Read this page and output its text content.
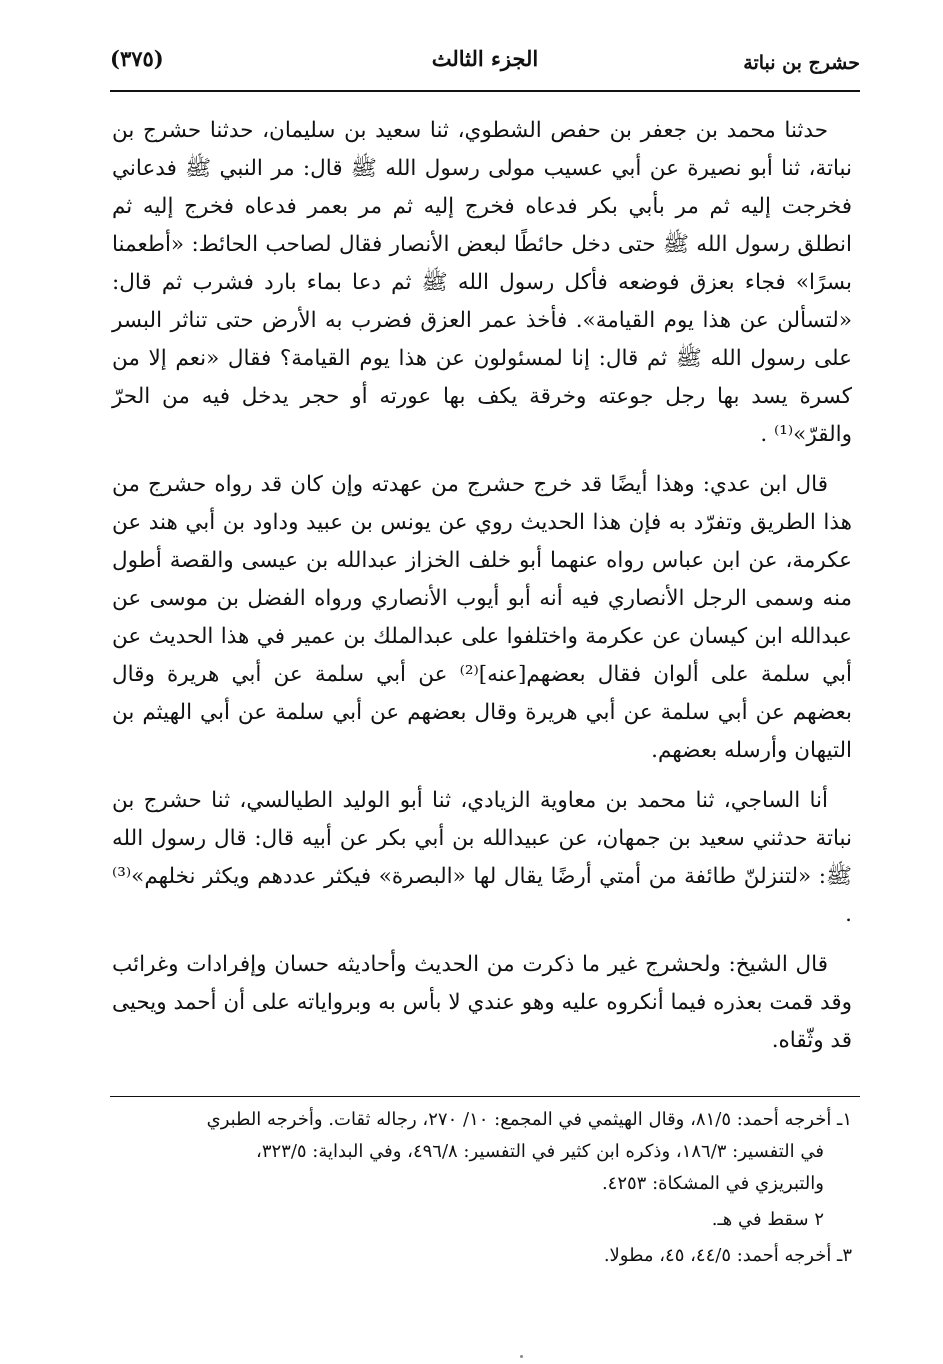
حشرج بن نباتة
الجزء الثالث
(٣٧٥)

حدثنا محمد بن جعفر بن حفص الشطوي، ثنا سعيد بن سليمان، حدثنا حشرج بن نباتة، ثنا أبو نصيرة عن أبي عسيب مولى رسول الله ﷺ قال: مر النبي ﷺ فدعاني فخرجت إليه ثم مر بأبي بكر فدعاه فخرج إليه ثم مر بعمر فدعاه فخرج إليه ثم انطلق رسول الله ﷺ حتى دخل حائطًا لبعض الأنصار فقال لصاحب الحائط: «أطعمنا بسرًا» فجاء بعزق فوضعه فأكل رسول الله ﷺ ثم دعا بماء بارد فشرب ثم قال: «لتسألن عن هذا يوم القيامة». فأخذ عمر العزق فضرب به الأرض حتى تناثر البسر على رسول الله ﷺ ثم قال: إنا لمسئولون عن هذا يوم القيامة؟ فقال «نعم إلا من كسرة يسد بها رجل جوعته وخرقة يكف بها عورته أو حجر يدخل فيه من الحرّ والقرّ»⁽¹⁾ .

قال ابن عدي: وهذا أيضًا قد خرج حشرج من عهدته وإن كان قد رواه حشرج من هذا الطريق وتفرّد به فإن هذا الحديث روي عن يونس بن عبيد وداود بن أبي هند عن عكرمة، عن ابن عباس رواه عنهما أبو خلف الخزاز عبدالله بن عيسى والقصة أطول منه وسمى الرجل الأنصاري فيه أنه أبو أيوب الأنصاري ورواه الفضل بن موسى عن عبدالله ابن كيسان عن عكرمة واختلفوا على عبدالملك بن عمير في هذا الحديث عن أبي سلمة على ألوان فقال بعضهم[عنه]⁽²⁾ عن أبي سلمة عن أبي هريرة وقال بعضهم عن أبي سلمة عن أبي هريرة وقال بعضهم عن أبي سلمة عن أبي الهيثم بن التيهان وأرسله بعضهم.

أنا الساجي، ثنا محمد بن معاوية الزيادي، ثنا أبو الوليد الطيالسي، ثنا حشرج بن نباتة حدثني سعيد بن جمهان، عن عبيدالله بن أبي بكر عن أبيه قال: قال رسول الله ﷺ: «لتنزلنّ طائفة من أمتي أرضًا يقال لها «البصرة» فيكثر عددهم ويكثر نخلهم»⁽³⁾ .

قال الشيخ: ولحشرج غير ما ذكرت من الحديث وأحاديثه حسان وإفرادات وغرائب وقد قمت بعذره فيما أنكروه عليه وهو عندي لا بأس به وبرواياته على أن أحمد ويحيى قد وثّقاه.

١ـ أخرجه أحمد: ٨١/٥، وقال الهيثمي في المجمع: ١٠/ ٢٧٠، رجاله ثقات. وأخرجه الطبري
في التفسير: ١٨٦/٣، وذكره ابن كثير في التفسير: ٤٩٦/٨، وفي البداية: ٣٢٣/٥،
والتبريزي في المشكاة: ٤٢٥٣.
٢ سقط في هـ.
٣ـ أخرجه أحمد: ٤٤/٥، ٤٥، مطولا.
